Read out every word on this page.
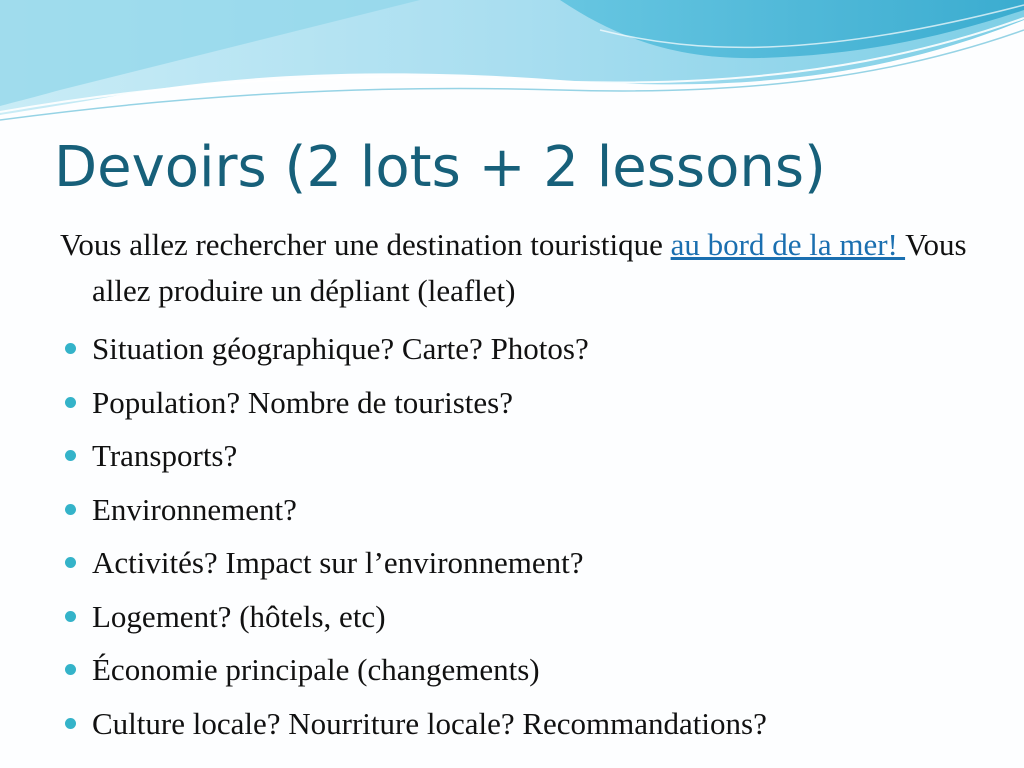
Devoirs (2 lots + 2 lessons)

Vous allez rechercher une destination touristique au bord de la mer! Vous allez produire un dépliant (leaflet)

Situation géographique? Carte? Photos?
Population? Nombre de touristes?
Transports?
Environnement?
Activités? Impact sur l’environnement?
Logement? (hôtels, etc)
Économie principale (changements)
Culture locale? Nourriture locale? Recommandations?
